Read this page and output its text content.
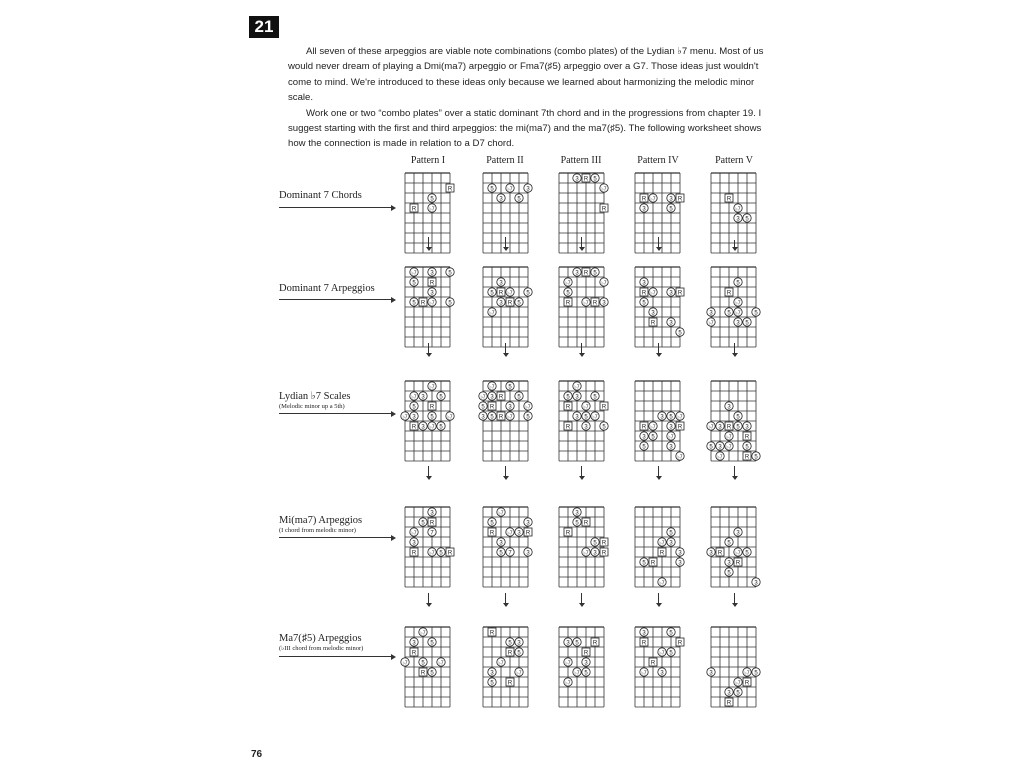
21

All seven of these arpeggios are viable note combinations (combo plates) of the Lydian ♭7 menu. Most of us would never dream of playing a Dmi(ma7) arpeggio or Fma7(♯5) arpeggio over a G7. Those ideas just wouldn't come to mind. We're introduced to these ideas only because we learned about harmonizing the melodic minor scale.

Work one or two “combo plates” over a static dominant 7th chord and in the progressions from chapter 19. I suggest starting with the first and third arpeggios: the mi(ma7) and the ma7(♯5). The following worksheet shows how the connection is made in relation to a D7 chord.

Pattern I	Pattern II	Pattern III	Pattern IV	Pattern V
Dominant 7 Chords
Dominant 7 Arpeggios
Lydian ♭7 Scales
(Melodic minor up a 5th)
Mi(ma7) Arpeggios
(I chord from melodic minor)
Ma7(♯5) Arpeggios
(♭III chord from melodic minor)
R
5
R	♭7
5	♭7 3
3 5
3 R 5
♭7
R
R ♭7 3 R
3	5
R
♭7
3 5
♭7 3 5
5 R
3
5 R ♭7 5
3
5 R ♭7 5
3 R 5
♭7
3 R 5
♭7	♭7
5
R	♭7 R 3
3
R ♭7 3 R
5
3
R 3
5
5
R
♭7
3 5 ♭7 5
♭7	3 5
♭7
♭7 3 5
5 R
♭7 3 5	♭7
R 3 ♭7 5
♭7 5
♭7 3 R 5
5 R 3	♭7
3 5 R ♭7 5
♭7
5 3 5
R	♭7 R
3 5 ♭7
R 3 5
3 5 ♭7
R ♭7 3 R
3 5	♭7
5	3
♭7
3
5
♭7 3 R 5 3
♭7 R
5 3 ♭7 5
♭7	R 5
3
5 R
♭7 7
3
R	♭7 5 R
♭7
5	3
R	♭7 3 R
3
5 7 3
3
5 R
R
5 R
♭7 3 R
5
♭7 3
R 3
5 R	3
♭7
3
5
3 R	♭7 5
3 R
5
3
♭7
3 5
R
♭7 5	♭7
R 5
R
5 3
R 5
♭7
3	♭7
5 R
3 5 R
R
♭7 3
♭7 5
♭7
3	5
R	R
♭7 5
R
♭7 3	3	♭7 5
♭7 R
3 5
R
76
